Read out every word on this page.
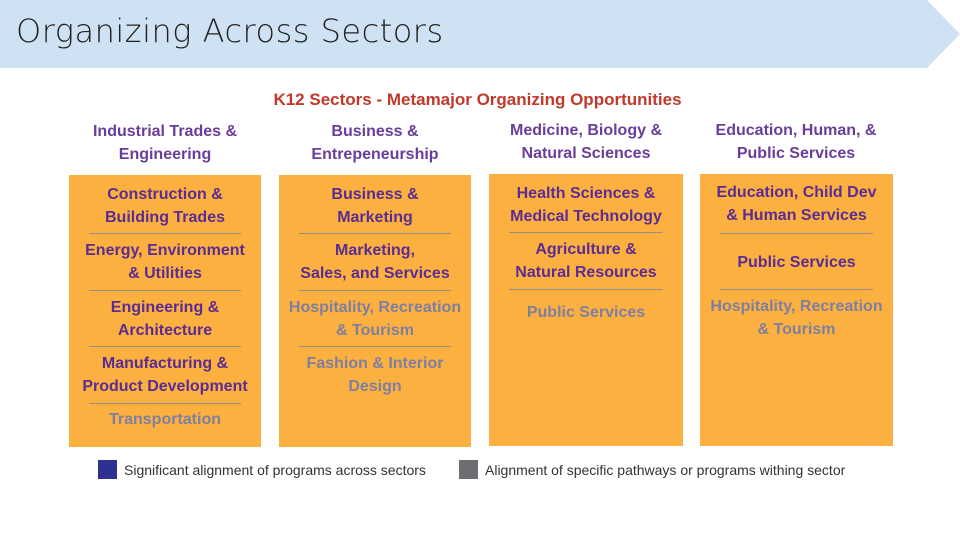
Organizing Across Sectors
K12 Sectors - Metamajor Organizing Opportunities
Industrial Trades &
Engineering
Business &
Entrepeneurship
Medicine, Biology &
Natural Sciences
Education, Human, &
Public Services
Construction &
Building Trades
Energy, Environment
& Utilities
Engineering &
Architecture
Manufacturing &
Product Development
Transportation
Business &
Marketing
Marketing,
Sales, and Services
Hospitality, Recreation
& Tourism
Fashion & Interior
Design
Health Sciences &
Medical Technology
Agriculture &
Natural Resources
Public Services
Education, Child Dev
& Human Services
Public Services
Hospitality, Recreation
& Tourism
Significant alignment of programs across sectors	Alignment of specific pathways or programs withing sector
